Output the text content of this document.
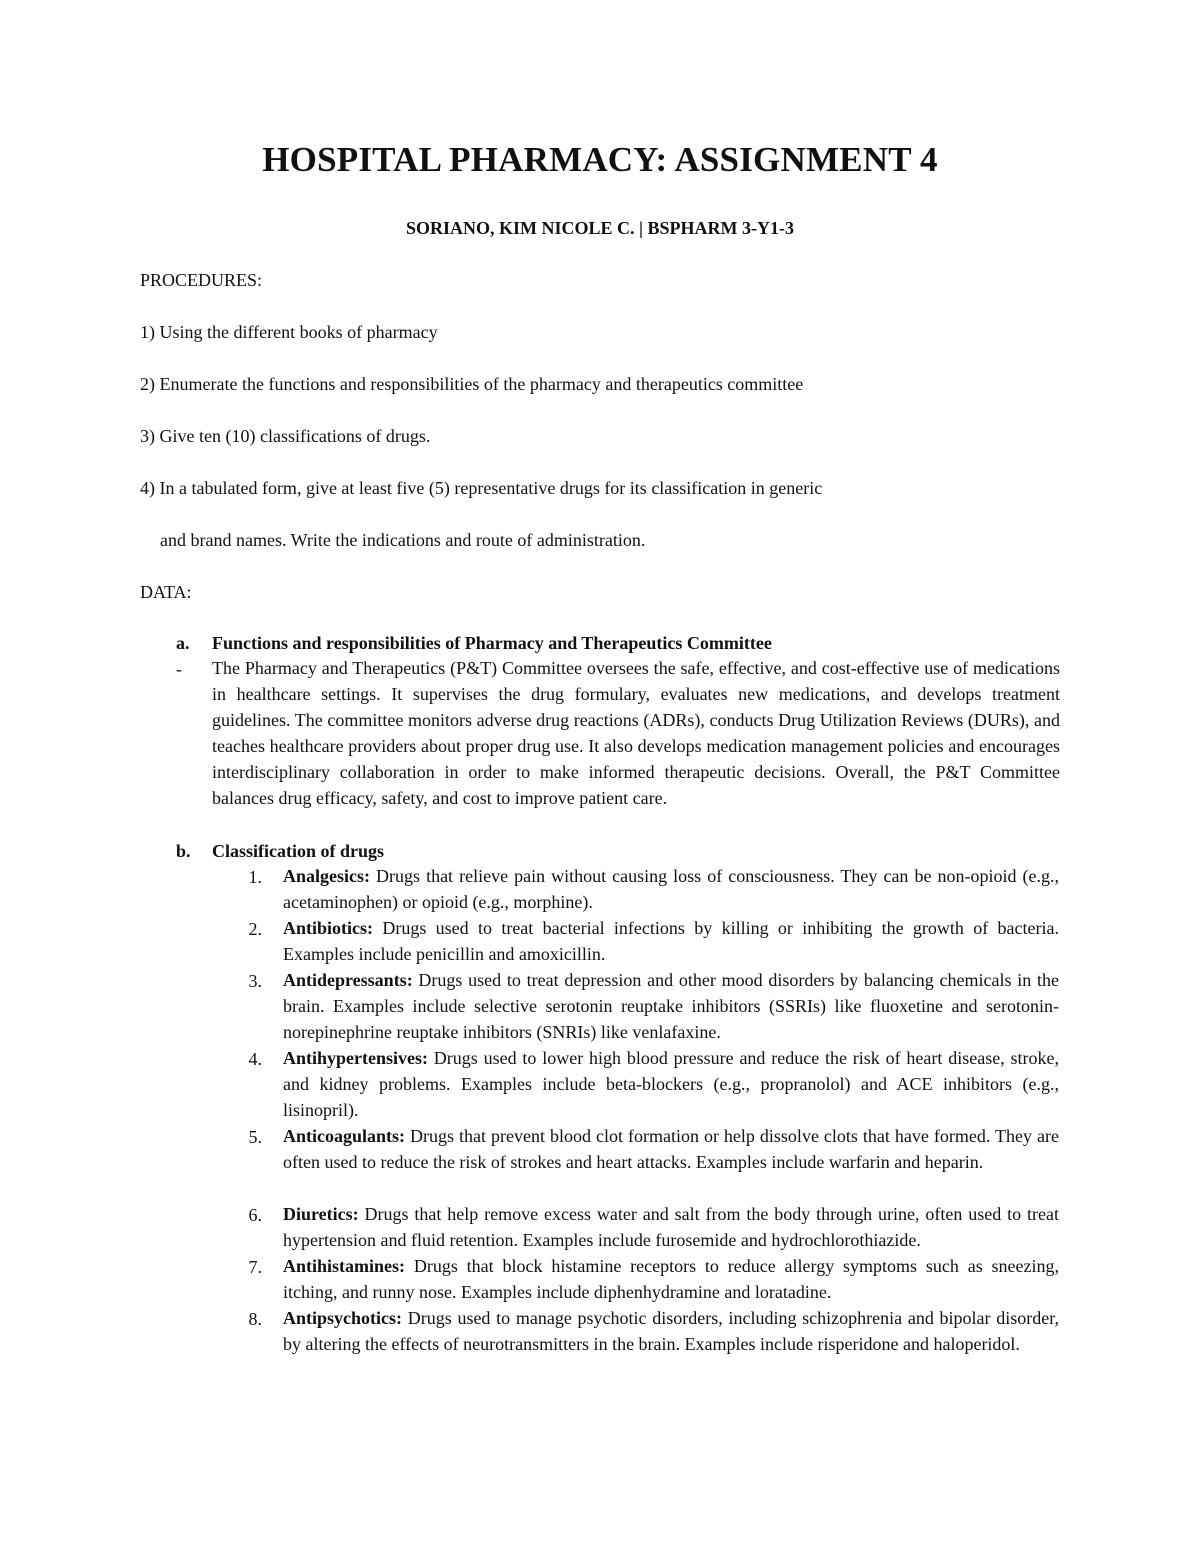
HOSPITAL PHARMACY: ASSIGNMENT 4
SORIANO, KIM NICOLE C. | BSPHARM 3-Y1-3
PROCEDURES:
1) Using the different books of pharmacy
2) Enumerate the functions and responsibilities of the pharmacy and therapeutics committee
3) Give ten (10) classifications of drugs.
4) In a tabulated form, give at least five (5) representative drugs for its classification in generic
and brand names. Write the indications and route of administration.
DATA:
a. Functions and responsibilities of Pharmacy and Therapeutics Committee
- The Pharmacy and Therapeutics (P&T) Committee oversees the safe, effective, and cost-effective use of medications in healthcare settings. It supervises the drug formulary, evaluates new medications, and develops treatment guidelines. The committee monitors adverse drug reactions (ADRs), conducts Drug Utilization Reviews (DURs), and teaches healthcare providers about proper drug use. It also develops medication management policies and encourages interdisciplinary collaboration in order to make informed therapeutic decisions. Overall, the P&T Committee balances drug efficacy, safety, and cost to improve patient care.
b. Classification of drugs
1. Analgesics: Drugs that relieve pain without causing loss of consciousness. They can be non-opioid (e.g., acetaminophen) or opioid (e.g., morphine).
2. Antibiotics: Drugs used to treat bacterial infections by killing or inhibiting the growth of bacteria. Examples include penicillin and amoxicillin.
3. Antidepressants: Drugs used to treat depression and other mood disorders by balancing chemicals in the brain. Examples include selective serotonin reuptake inhibitors (SSRIs) like fluoxetine and serotonin-norepinephrine reuptake inhibitors (SNRIs) like venlafaxine.
4. Antihypertensives: Drugs used to lower high blood pressure and reduce the risk of heart disease, stroke, and kidney problems. Examples include beta-blockers (e.g., propranolol) and ACE inhibitors (e.g., lisinopril).
5. Anticoagulants: Drugs that prevent blood clot formation or help dissolve clots that have formed. They are often used to reduce the risk of strokes and heart attacks. Examples include warfarin and heparin.
6. Diuretics: Drugs that help remove excess water and salt from the body through urine, often used to treat hypertension and fluid retention. Examples include furosemide and hydrochlorothiazide.
7. Antihistamines: Drugs that block histamine receptors to reduce allergy symptoms such as sneezing, itching, and runny nose. Examples include diphenhydramine and loratadine.
8. Antipsychotics: Drugs used to manage psychotic disorders, including schizophrenia and bipolar disorder, by altering the effects of neurotransmitters in the brain. Examples include risperidone and haloperidol.
